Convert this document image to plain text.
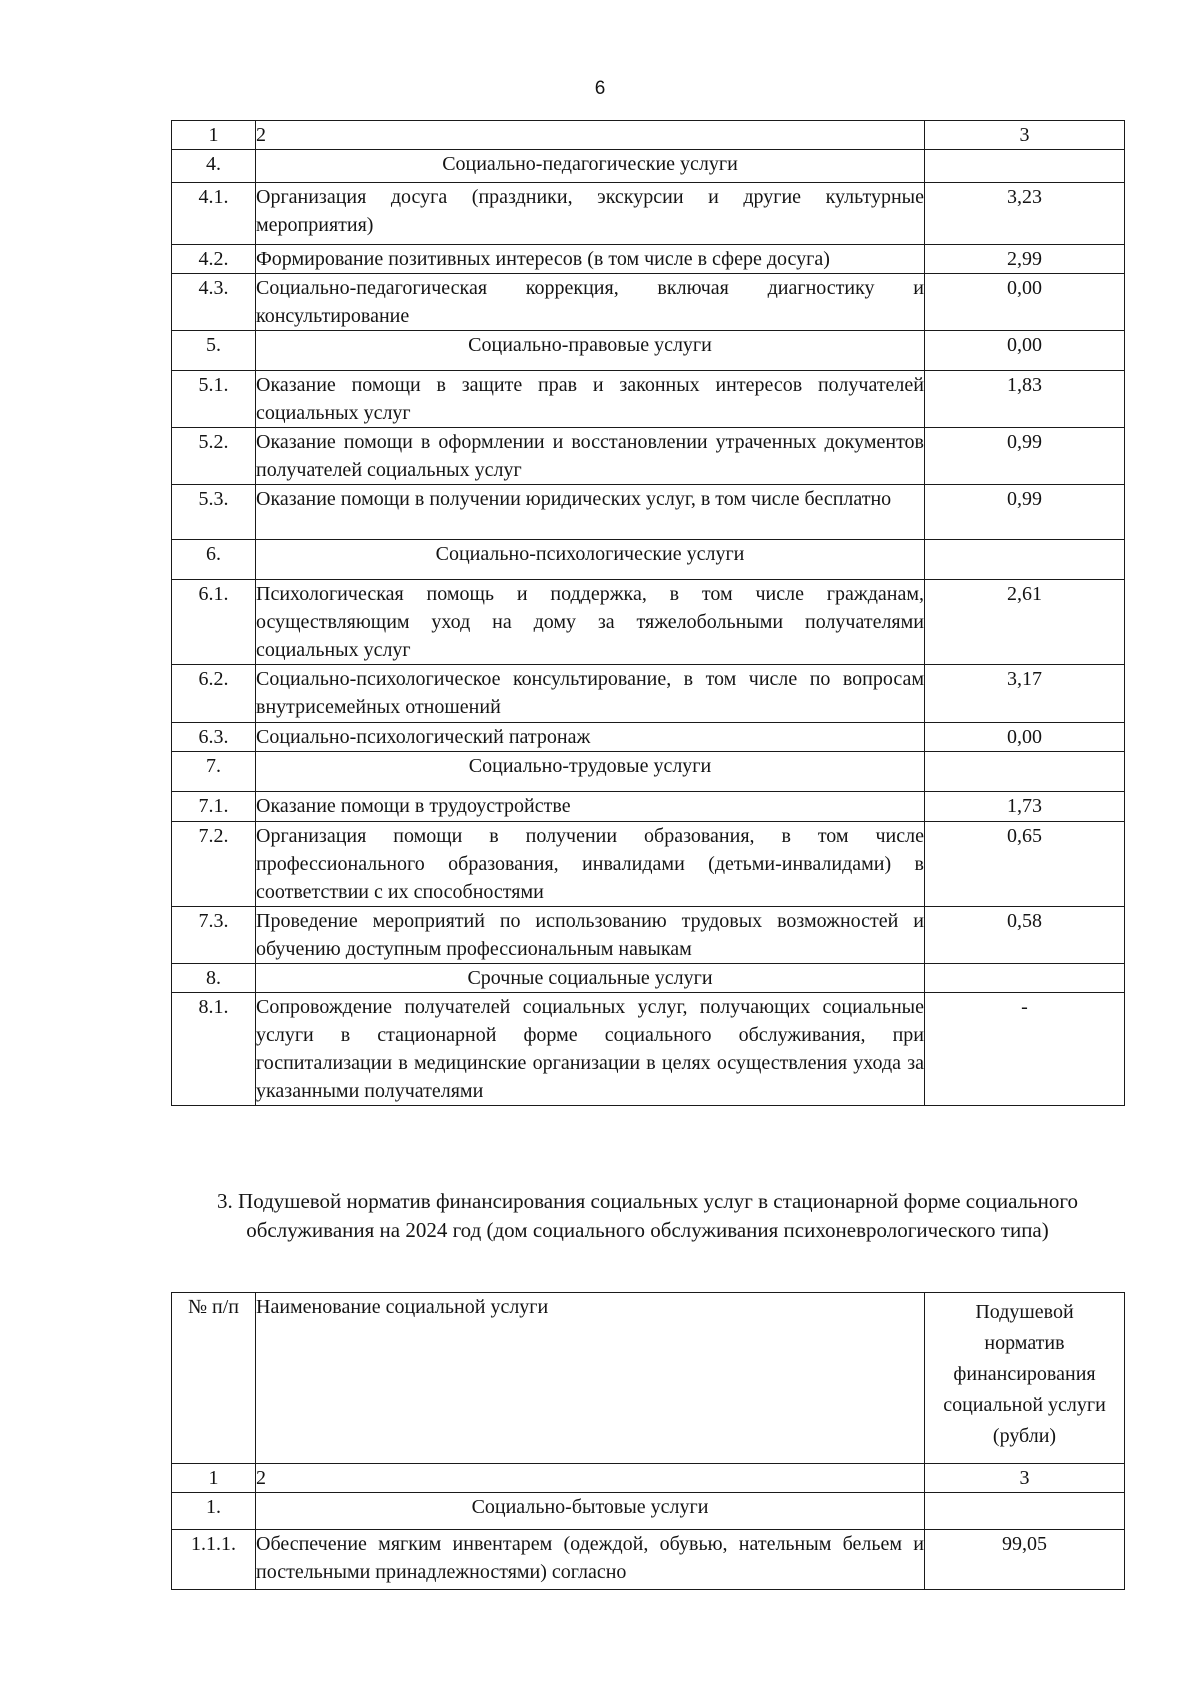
6
1	2	3
4.	Социально-педагогические услуги	
4.1.	Организация досуга (праздники, экскурсии и другие культурные мероприятия)	3,23
4.2.	Формирование позитивных интересов (в том числе в сфере досуга)	2,99
4.3.	Социально-педагогическая коррекция, включая диагностику и консультирование	0,00
5.	Социально-правовые услуги	0,00
5.1.	Оказание помощи в защите прав и законных интересов получателей социальных услуг	1,83
5.2.	Оказание помощи в оформлении и восстановлении утраченных документов получателей социальных услуг	0,99
5.3.	Оказание помощи в получении юридических услуг, в том числе бесплатно	0,99
6.	Социально-психологические услуги	
6.1.	Психологическая помощь и поддержка, в том числе гражданам, осуществляющим уход на дому за тяжелобольными получателями социальных услуг	2,61
6.2.	Социально-психологическое консультирование, в том числе по вопросам внутрисемейных отношений	3,17
6.3.	Социально-психологический патронаж	0,00
7.	Социально-трудовые услуги	
7.1.	Оказание помощи в трудоустройстве	1,73
7.2.	Организация помощи в получении образования, в том числе профессионального образования, инвалидами (детьми-инвалидами) в соответствии с их способностями	0,65
7.3.	Проведение мероприятий по использованию трудовых возможностей и обучению доступным профессиональным навыкам	0,58
8.	Срочные социальные услуги	
8.1.	Сопровождение получателей социальных услуг, получающих социальные услуги в стационарной форме социального обслуживания, при госпитализации в медицинские организации в целях осуществления ухода за указанными получателями	-
3. Подушевой норматив финансирования социальных услуг в стационарной форме социального обслуживания на 2024 год (дом социального обслуживания психоневрологического типа)
№ п/п	Наименование социальной услуги	Подушевой норматив финансирования социальной услуги (рубли)
1	2	3
1.	Социально-бытовые услуги	
1.1.1.	Обеспечение мягким инвентарем (одеждой, обувью, нательным бельем и постельными принадлежностями) согласно	99,05
